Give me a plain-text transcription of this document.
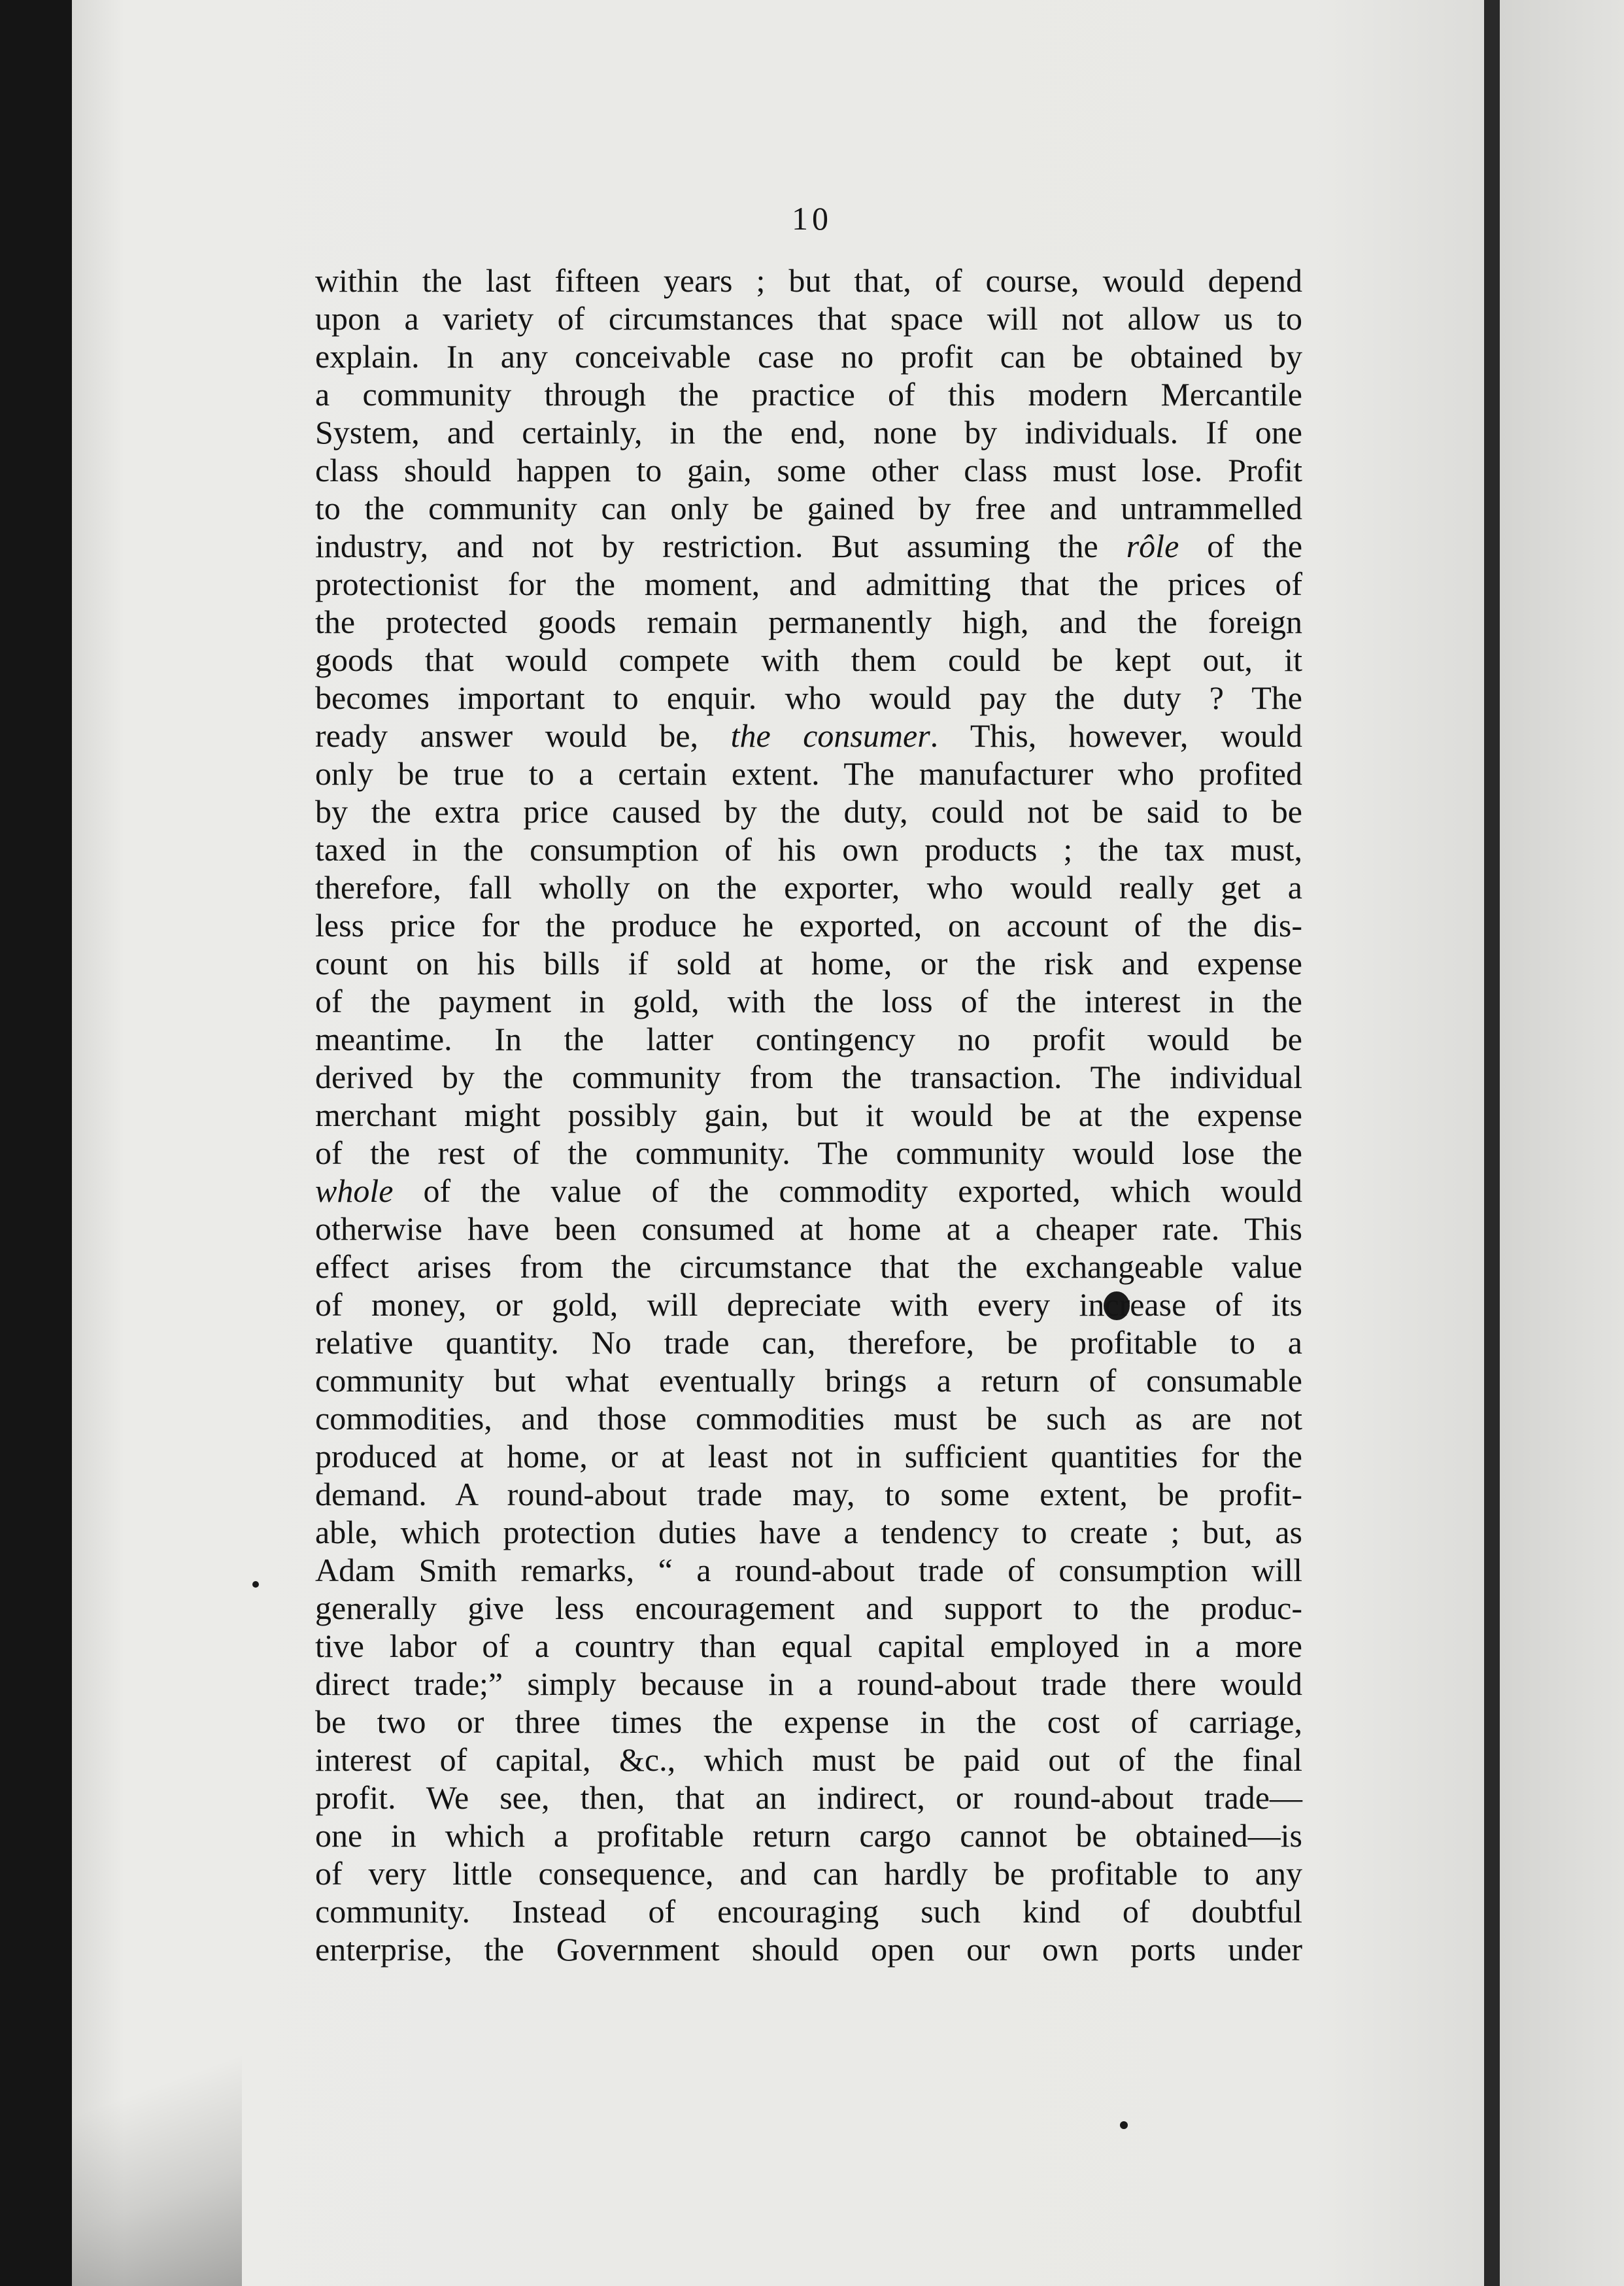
10
within the last fifteen years ; but that, of course, would depend
upon a variety of circumstances that space will not allow us to
explain. In any conceivable case no profit can be obtained by
a community through the practice of this modern Mercantile
System, and certainly, in the end, none by individuals. If one
class should happen to gain, some other class must lose. Profit
to the community can only be gained by free and untrammelled
industry, and not by restriction. But assuming the rôle of the
protectionist for the moment, and admitting that the prices of
the protected goods remain permanently high, and the foreign
goods that would compete with them could be kept out, it
becomes important to enquir. who would pay the duty ? The
ready answer would be, the consumer. This, however, would
only be true to a certain extent. The manufacturer who profited
by the extra price caused by the duty, could not be said to be
taxed in the consumption of his own products ; the tax must,
therefore, fall wholly on the exporter, who would really get a
less price for the produce he exported, on account of the dis-
count on his bills if sold at home, or the risk and expense
of the payment in gold, with the loss of the interest in the
meantime. In the latter contingency no profit would be
derived by the community from the transaction. The individual
merchant might possibly gain, but it would be at the expense
of the rest of the community. The community would lose the
whole of the value of the commodity exported, which would
otherwise have been consumed at home at a cheaper rate. This
effect arises from the circumstance that the exchangeable value
of money, or gold, will depreciate with every increase of its
relative quantity. No trade can, therefore, be profitable to a
community but what eventually brings a return of consumable
commodities, and those commodities must be such as are not
produced at home, or at least not in sufficient quantities for the
demand. A round-about trade may, to some extent, be profit-
able, which protection duties have a tendency to create ; but, as
Adam Smith remarks, “ a round-about trade of consumption will
generally give less encouragement and support to the produc-
tive labor of a country than equal capital employed in a more
direct trade;” simply because in a round-about trade there would
be two or three times the expense in the cost of carriage,
interest of capital, &c., which must be paid out of the final
profit. We see, then, that an indirect, or round-about trade—
one in which a profitable return cargo cannot be obtained—is
of very little consequence, and can hardly be profitable to any
community. Instead of encouraging such kind of doubtful
enterprise, the Government should open our own ports under
